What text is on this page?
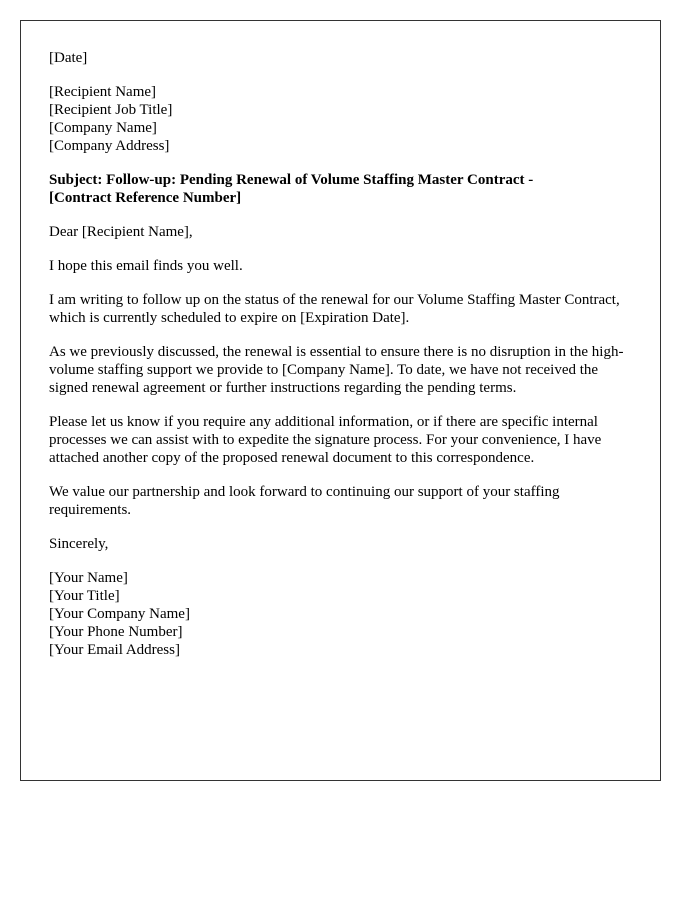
[Date]
[Recipient Name]
[Recipient Job Title]
[Company Name]
[Company Address]
Subject: Follow-up: Pending Renewal of Volume Staffing Master Contract -
[Contract Reference Number]
Dear [Recipient Name],
I hope this email finds you well.
I am writing to follow up on the status of the renewal for our Volume Staffing Master Contract, which is currently scheduled to expire on [Expiration Date].
As we previously discussed, the renewal is essential to ensure there is no disruption in the high-volume staffing support we provide to [Company Name]. To date, we have not received the signed renewal agreement or further instructions regarding the pending terms.
Please let us know if you require any additional information, or if there are specific internal processes we can assist with to expedite the signature process. For your convenience, I have attached another copy of the proposed renewal document to this correspondence.
We value our partnership and look forward to continuing our support of your staffing requirements.
Sincerely,
[Your Name]
[Your Title]
[Your Company Name]
[Your Phone Number]
[Your Email Address]
